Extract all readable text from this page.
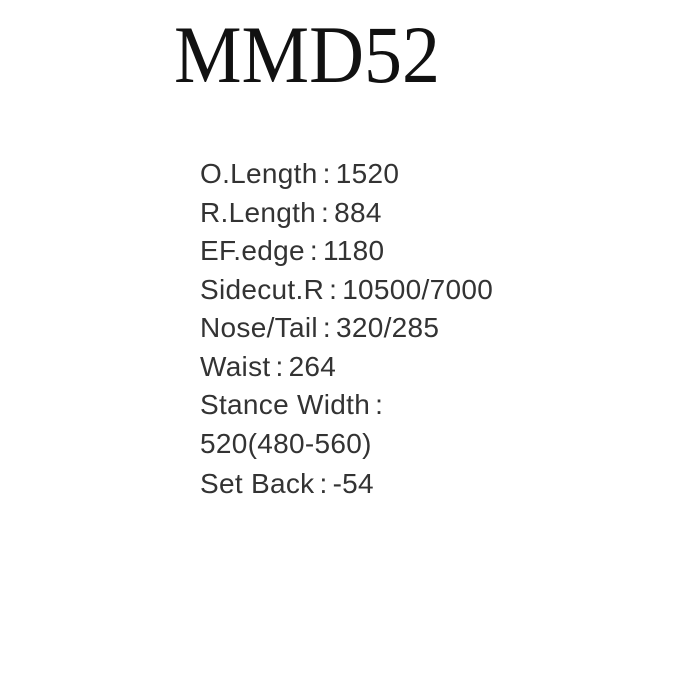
MMD52
O.Length : 1520
R.Length : 884
EF.edge : 1180
Sidecut.R : 10500/7000
Nose/Tail : 320/285
Waist : 264
Stance Width :
520(480-560)
Set Back : -54
